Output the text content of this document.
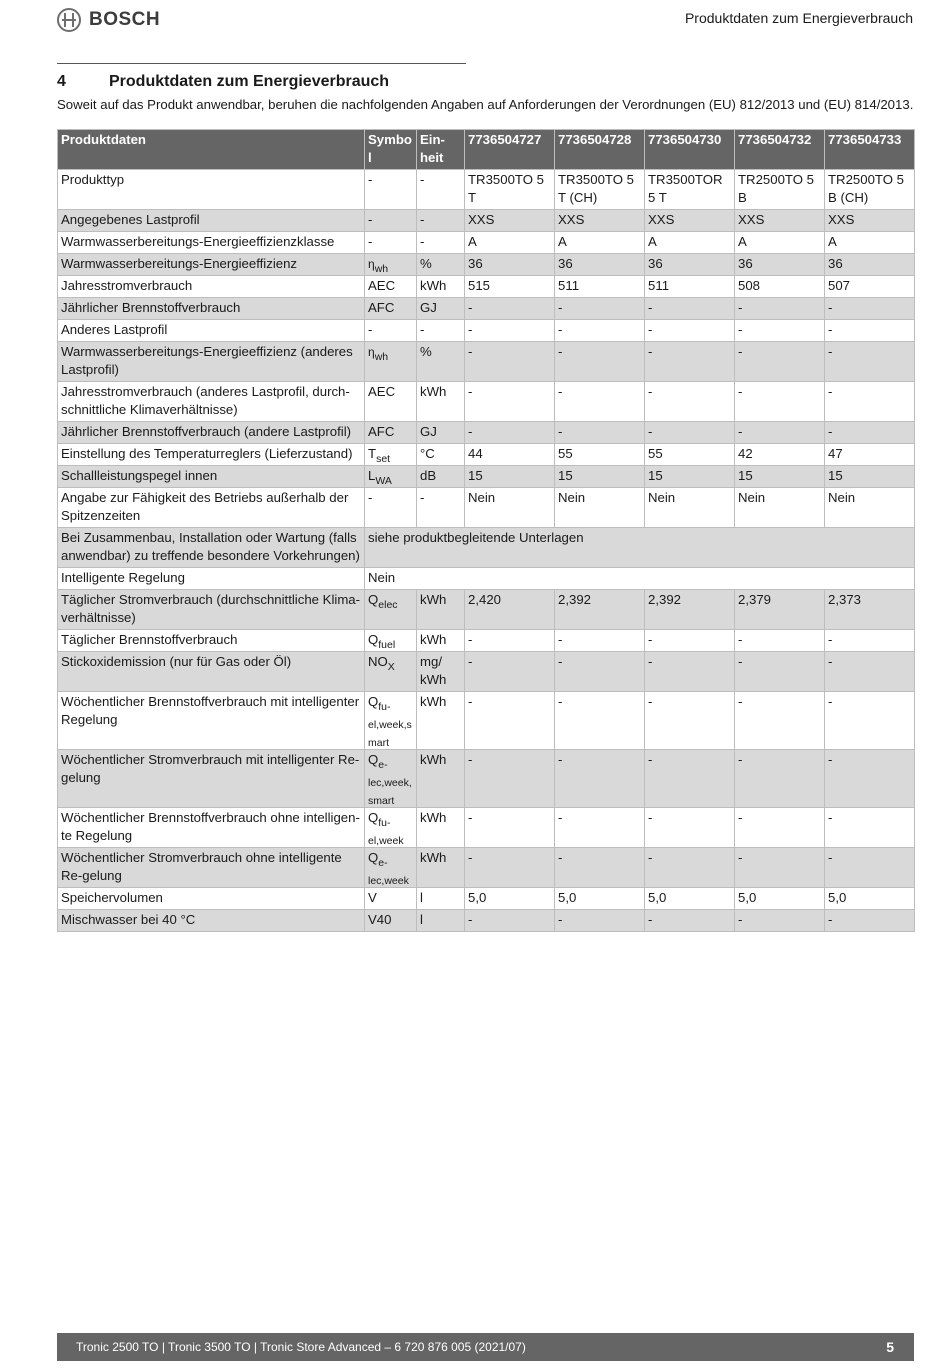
BOSCH	Produktdaten zum Energieverbrauch
4	Produktdaten zum Energieverbrauch
Soweit auf das Produkt anwendbar, beruhen die nachfolgenden Angaben auf Anforderungen der Verordnungen (EU) 812/2013 und (EU) 814/2013.
Produktdaten	Symbol	Ein-heit	7736504727	7736504728	7736504730	7736504732	7736504733
Produkttyp	-	-	TR3500TO 5 T	TR3500TO 5 T (CH)	TR3500TOR 5 T	TR2500TO 5 B	TR2500TO 5 B (CH)
Angegebenes Lastprofil	-	-	XXS	XXS	XXS	XXS	XXS
Warmwasserbereitungs-Energieeffizienzklasse	-	-	A	A	A	A	A
Warmwasserbereitungs-Energieeffizienz	$\eta_{wh}$	%	36	36	36	36	36
Jahresstromverbrauch	AEC	kWh	515	511	511	508	507
Jährlicher Brennstoffverbrauch	AFC	GJ	-	-	-	-	-
Anderes Lastprofil	-	-	-	-	-	-	-
Warmwasserbereitungs-Energieeffizienz (anderes Lastprofil)	$\eta_{wh}$	%	-	-	-	-	-
Jahresstromverbrauch (anderes Lastprofil, durch-schnittliche Klimaverhältnisse)	AEC	kWh	-	-	-	-	-
Jährlicher Brennstoffverbrauch (andere Lastprofil)	AFC	GJ	-	-	-	-	-
Einstellung des Temperaturreglers (Lieferzustand)	$T_{set}$	°C	44	55	55	42	47
Schallleistungspegel innen	$L_{WA}$	dB	15	15	15	15	15
Angabe zur Fähigkeit des Betriebs außerhalb der Spitzenzeiten	-	-	Nein	Nein	Nein	Nein	Nein
Bei Zusammenbau, Installation oder Wartung (falls anwendbar) zu treffende besondere Vorkehrungen)	siehe produktbegleitende Unterlagen						
Intelligente Regelung	Nein						
Täglicher Stromverbrauch (durchschnittliche Klima-verhältnisse)	$Q_{elec}$	kWh	2,420	2,392	2,392	2,379	2,373
Täglicher Brennstoffverbrauch	$Q_{fuel}$	kWh	-	-	-	-	-
Stickoxidemission (nur für Gas oder Öl)	$NO_X$	mg/ kWh	-	-	-	-	-
Wöchentlicher Brennstoffverbrauch mit intelligenter Regelung	$Q_{fu-el,week,s mart}$	kWh	-	-	-	-	-
Wöchentlicher Stromverbrauch mit intelligenter Re-gelung	$Q_{e-lec,week, smart}$	kWh	-	-	-	-	-
Wöchentlicher Brennstoffverbrauch ohne intelligen-te Regelung	$Q_{fu-el,week}$	kWh	-	-	-	-	-
Wöchentlicher Stromverbrauch ohne intelligente Re-gelung	$Q_{e-lec,week}$	kWh	-	-	-	-	-
Speichervolumen	V	l	5,0	5,0	5,0	5,0	5,0
Mischwasser bei 40 °C	V40	l	-	-	-	-	-
Tronic 2500 TO | Tronic 3500 TO | Tronic Store Advanced – 6 720 876 005 (2021/07)	5
